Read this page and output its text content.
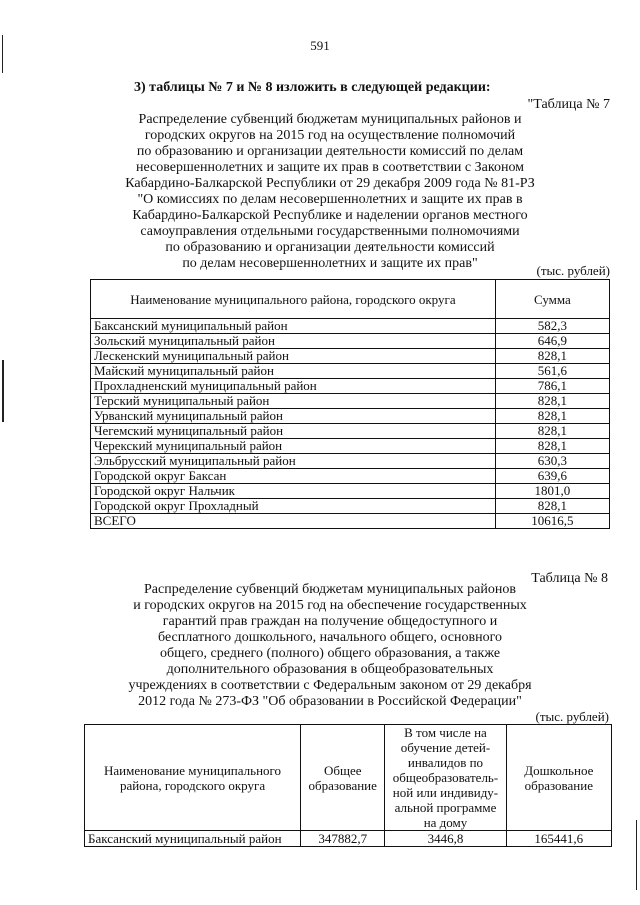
591
3) таблицы № 7 и № 8 изложить в следующей редакции:
"Таблица № 7
Распределение субвенций бюджетам муниципальных районов и
городских округов на 2015 год на осуществление полномочий
по образованию и организации деятельности комиссий по делам
несовершеннолетних и защите их прав в соответствии с Законом
Кабардино-Балкарской Республики от 29 декабря 2009 года № 81-РЗ
"О комиссиях по делам несовершеннолетних и защите их прав в
Кабардино-Балкарской Республике и наделении органов местного
самоуправления отдельными государственными полномочиями
по образованию и организации деятельности комиссий
по делам несовершеннолетних и защите их прав"	(тыс. рублей)
Наименование муниципального района, городского округа	Сумма
Баксанский муниципальный район	582,3
Зольский муниципальный район	646,9
Лескенский муниципальный район	828,1
Майский муниципальный район	561,6
Прохладненский муниципальный район	786,1
Терский муниципальный район	828,1
Урванский муниципальный район	828,1
Чегемский муниципальный район	828,1
Черекский муниципальный район	828,1
Эльбрусский муниципальный район	630,3
Городской округ Баксан	639,6
Городской округ Нальчик	1801,0
Городской округ Прохладный	828,1
ВСЕГО	10616,5
Таблица № 8
Распределение субвенций бюджетам муниципальных районов
и городских округов на 2015 год на обеспечение государственных
гарантий прав граждан на получение общедоступного и
бесплатного дошкольного, начального общего, основного
общего, среднего (полного) общего образования, а также
дополнительного образования в общеобразовательных
учреждениях в соответствии с Федеральным законом от 29 декабря
2012 года № 273-ФЗ "Об образовании в Российской Федерации"
(тыс. рублей)
Наименование муниципального района, городского округа	Общее образование	В том числе на обучение детей-инвалидов по общеобразователь-ной или индивиду-альной программе на дому	Дошкольное образование
Баксанский муниципальный район	347882,7	3446,8	165441,6
